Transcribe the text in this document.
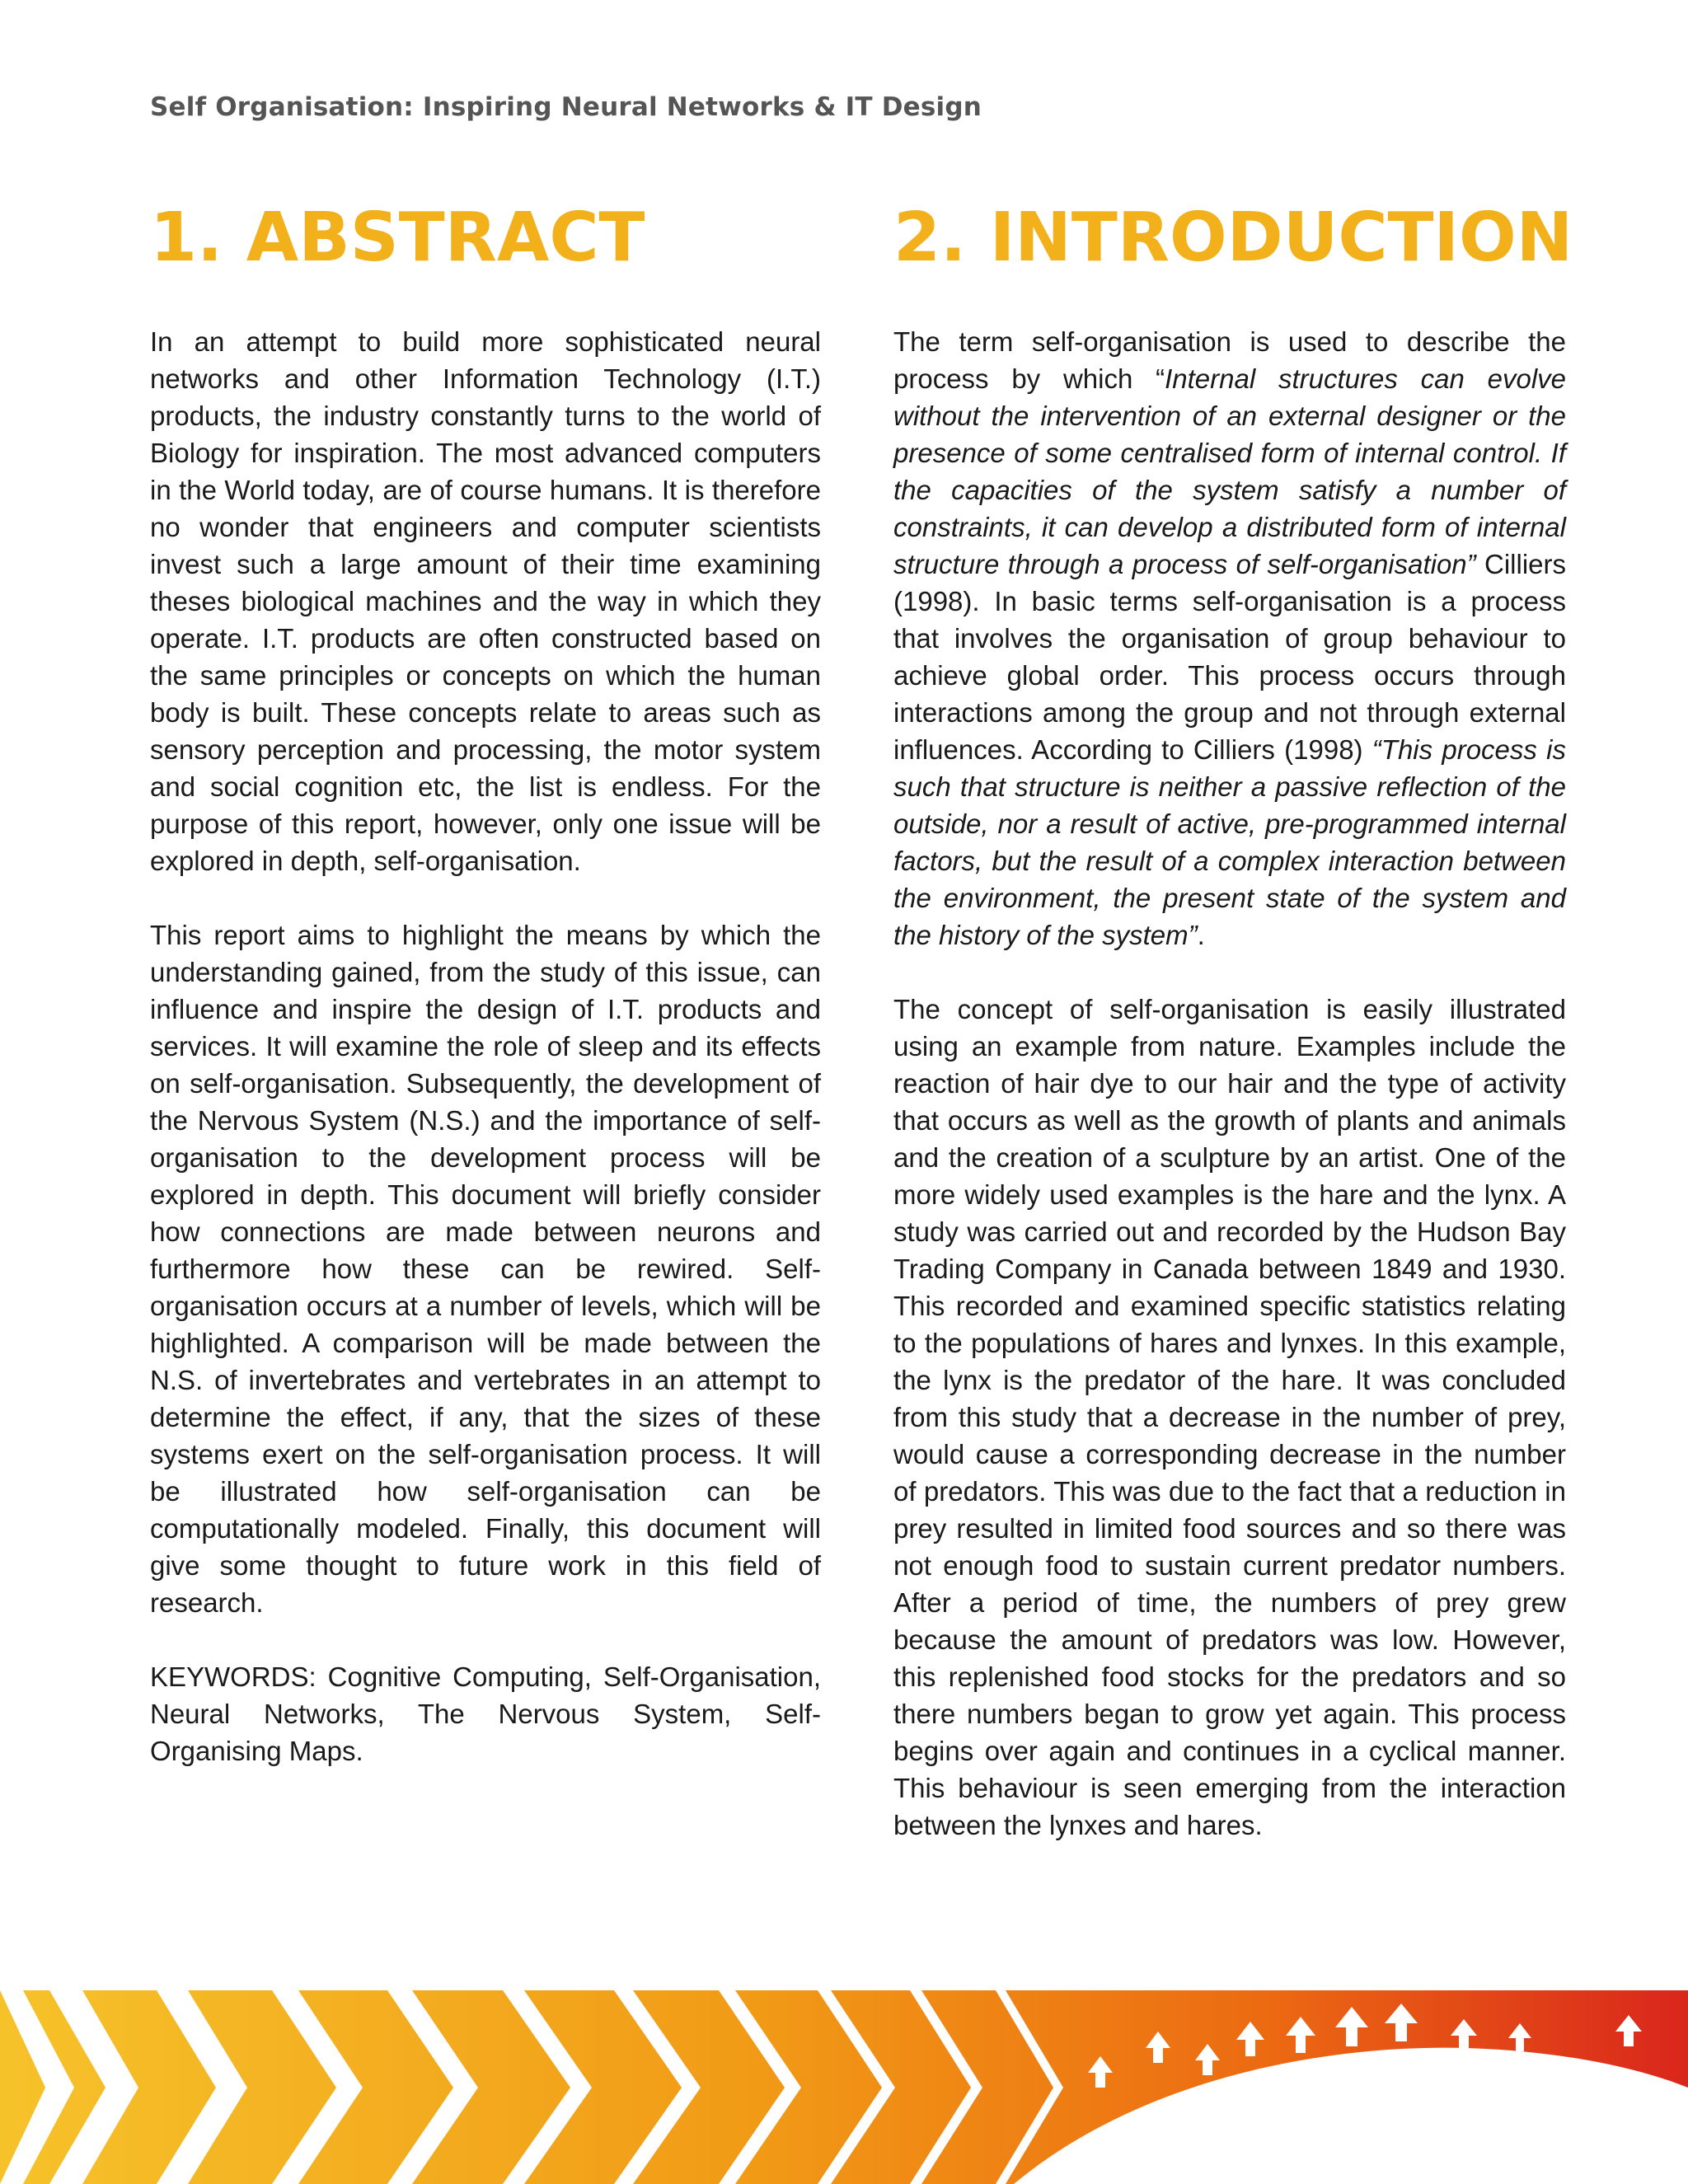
Self Organisation: Inspiring Neural Networks & IT Design
1. ABSTRACT

In an attempt to build more sophisticated neural networks and other Information Technology (I.T.) products, the industry constantly turns to the world of Biology for inspiration. The most advanced computers in the World today, are of course humans. It is therefore no wonder that engineers and computer scientists invest such a large amount of their time examining theses biological machines and the way in which they operate. I.T. products are often constructed based on the same principles or concepts on which the human body is built. These concepts relate to areas such as sensory perception and processing, the motor system and social cognition etc, the list is endless. For the purpose of this report, however, only one issue will be explored in depth, self-organisation.

This report aims to highlight the means by which the understanding gained, from the study of this issue, can influence and inspire the design of I.T. products and services. It will examine the role of sleep and its effects on self-organisation. Subsequently, the development of the Nervous System (N.S.) and the importance of self-organisation to the development process will be explored in depth. This document will briefly consider how connections are made between neurons and furthermore how these can be rewired. Self-organisation occurs at a number of levels, which will be highlighted. A comparison will be made between the N.S. of invertebrates and vertebrates in an attempt to determine the effect, if any, that the sizes of these systems exert on the self-organisation process. It will be illustrated how self-organisation can be computationally modeled. Finally, this document will give some thought to future work in this field of research.

KEYWORDS: Cognitive Computing, Self-Organisation, Neural Networks, The Nervous System, Self-Organising Maps.

2. INTRODUCTION

The term self-organisation is used to describe the process by which “Internal structures can evolve without the intervention of an external designer or the presence of some centralised form of internal control. If the capacities of the system satisfy a number of constraints, it can develop a distributed form of internal structure through a process of self-organisation” Cilliers (1998). In basic terms self-organisation is a process that involves the organisation of group behaviour to achieve global order. This process occurs through interactions among the group and not through external influences. According to Cilliers (1998) “This process is such that structure is neither a passive reflection of the outside, nor a result of active, pre-programmed internal factors, but the result of a complex interaction between the environment, the present state of the system and the history of the system”.

The concept of self-organisation is easily illustrated using an example from nature. Examples include the reaction of hair dye to our hair and the type of activity that occurs as well as the growth of plants and animals and the creation of a sculpture by an artist. One of the more widely used examples is the hare and the lynx. A study was carried out and recorded by the Hudson Bay Trading Company in Canada between 1849 and 1930. This recorded and examined specific statistics relating to the populations of hares and lynxes. In this example, the lynx is the predator of the hare. It was concluded from this study that a decrease in the number of prey, would cause a corresponding decrease in the number of predators. This was due to the fact that a reduction in prey resulted in limited food sources and so there was not enough food to sustain current predator numbers. After a period of time, the numbers of prey grew because the amount of predators was low. However, this replenished food stocks for the predators and so there numbers began to grow yet again. This process begins over again and continues in a cyclical manner. This behaviour is seen emerging from the interaction between the lynxes and hares.
